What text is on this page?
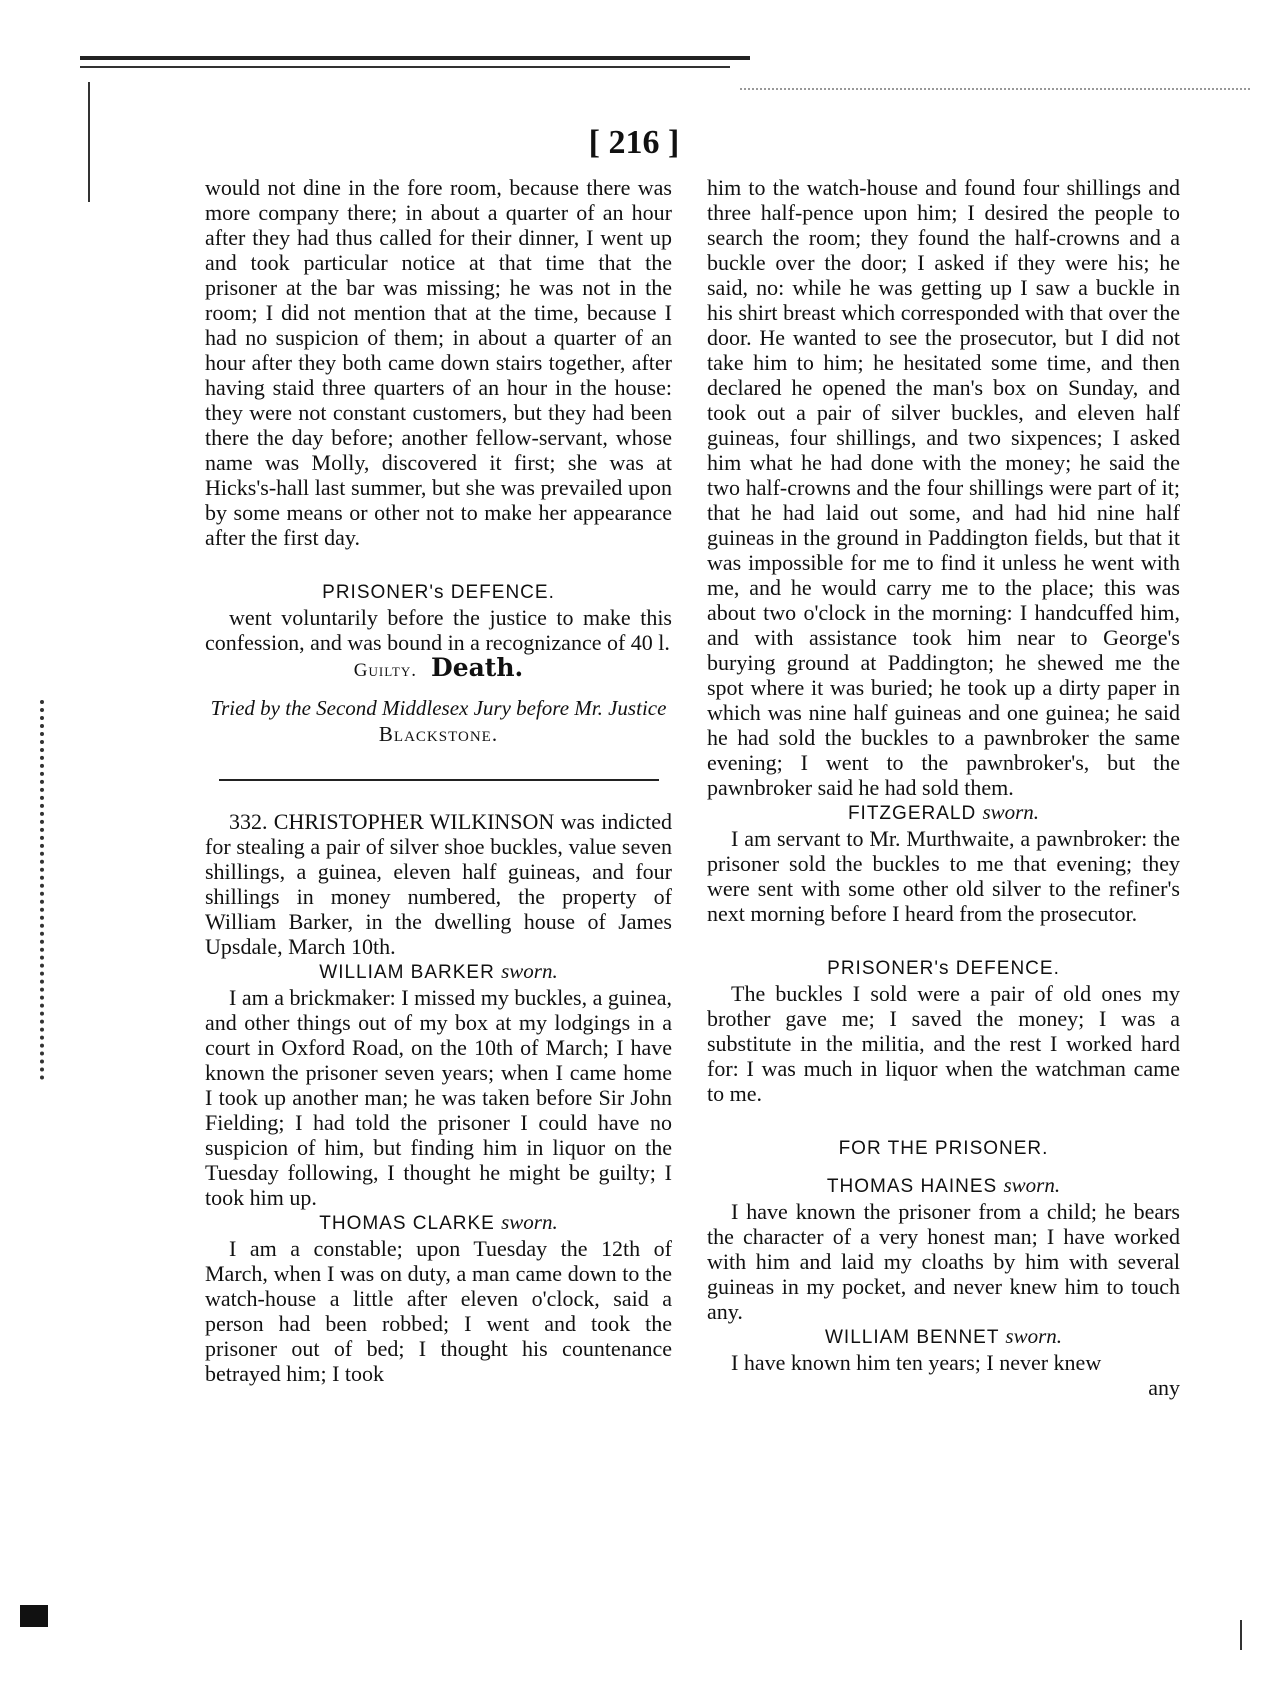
[ 216 ]

would not dine in the fore room, because there was more company there; in about a quarter of an hour after they had thus called for their dinner, I went up and took particular notice at that time that the prisoner at the bar was missing; he was not in the room; I did not mention that at the time, because I had no suspicion of them; in about a quarter of an hour after they both came down stairs together, after having staid three quarters of an hour in the house: they were not constant customers, but they had been there the day before; another fellow-servant, whose name was Molly, discovered it first; she was at Hicks's-hall last summer, but she was prevailed upon by some means or other not to make her appearance after the first day.

PRISONER's DEFENCE.

went voluntarily before the justice to make this confession, and was bound in a recognizance of 40 l.

Guilty. Death.

Tried by the Second Middlesex Jury before Mr. Justice Blackstone.

332. CHRISTOPHER WILKINSON was indicted for stealing a pair of silver shoe buckles, value seven shillings, a guinea, eleven half guineas, and four shillings in money numbered, the property of William Barker, in the dwelling house of James Upsdale, March 10th.

WILLIAM BARKER sworn.

I am a brickmaker: I missed my buckles, a guinea, and other things out of my box at my lodgings in a court in Oxford Road, on the 10th of March; I have known the prisoner seven years; when I came home I took up another man; he was taken before Sir John Fielding; I had told the prisoner I could have no suspicion of him, but finding him in liquor on the Tuesday following, I thought he might be guilty; I took him up.

THOMAS CLARKE sworn.

I am a constable; upon Tuesday the 12th of March, when I was on duty, a man came down to the watch-house a little after eleven o'clock, said a person had been robbed; I went and took the prisoner out of bed; I thought his countenance betrayed him; I took

him to the watch-house and found four shillings and three half-pence upon him; I desired the people to search the room; they found the half-crowns and a buckle over the door; I asked if they were his; he said, no: while he was getting up I saw a buckle in his shirt breast which corresponded with that over the door. He wanted to see the prosecutor, but I did not take him to him; he hesitated some time, and then declared he opened the man's box on Sunday, and took out a pair of silver buckles, and eleven half guineas, four shillings, and two sixpences; I asked him what he had done with the money; he said the two half-crowns and the four shillings were part of it; that he had laid out some, and had hid nine half guineas in the ground in Paddington fields, but that it was impossible for me to find it unless he went with me, and he would carry me to the place; this was about two o'clock in the morning: I handcuffed him, and with assistance took him near to George's burying ground at Paddington; he shewed me the spot where it was buried; he took up a dirty paper in which was nine half guineas and one guinea; he said he had sold the buckles to a pawnbroker the same evening; I went to the pawnbroker's, but the pawnbroker said he had sold them.

FITZGERALD sworn.

I am servant to Mr. Murthwaite, a pawnbroker: the prisoner sold the buckles to me that evening; they were sent with some other old silver to the refiner's next morning before I heard from the prosecutor.

PRISONER's DEFENCE.

The buckles I sold were a pair of old ones my brother gave me; I saved the money; I was a substitute in the militia, and the rest I worked hard for: I was much in liquor when the watchman came to me.

FOR THE PRISONER.

THOMAS HAINES sworn.

I have known the prisoner from a child; he bears the character of a very honest man; I have worked with him and laid my cloaths by him with several guineas in my pocket, and never knew him to touch any.

WILLIAM BENNET sworn.

I have known him ten years; I never knew

any
